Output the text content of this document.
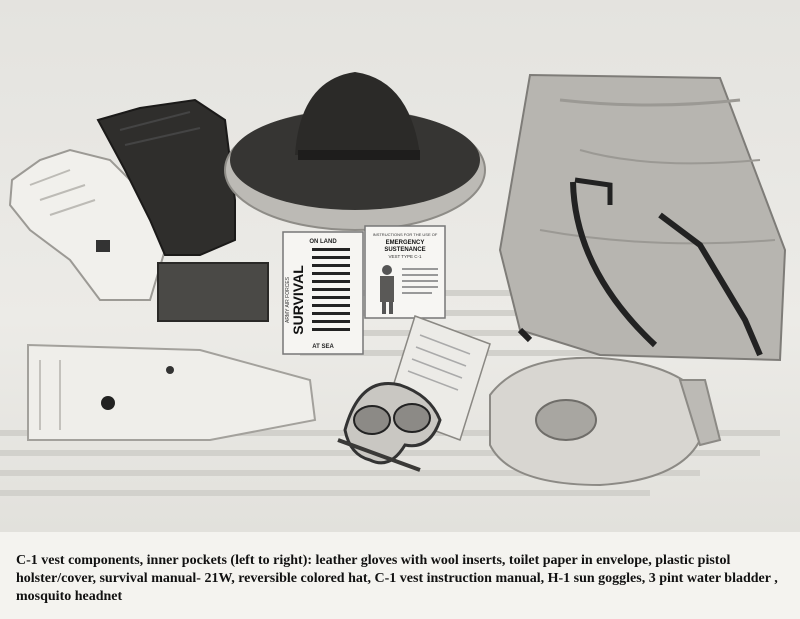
ON LAND
SURVIVAL
ARMY AIR FORCES
AT SEA
INSTRUCTIONS FOR THE USE OF
EMERGENCY
SUSTENANCE
VEST TYPE C-1
C-1 vest components, inner pockets (left to right): leather gloves with wool inserts, toilet paper in envelope, plastic pistol holster/cover, survival manual- 21W, reversible colored hat, C-1 vest instruction manual, H-1 sun goggles, 3 pint water bladder , mosquito headnet
